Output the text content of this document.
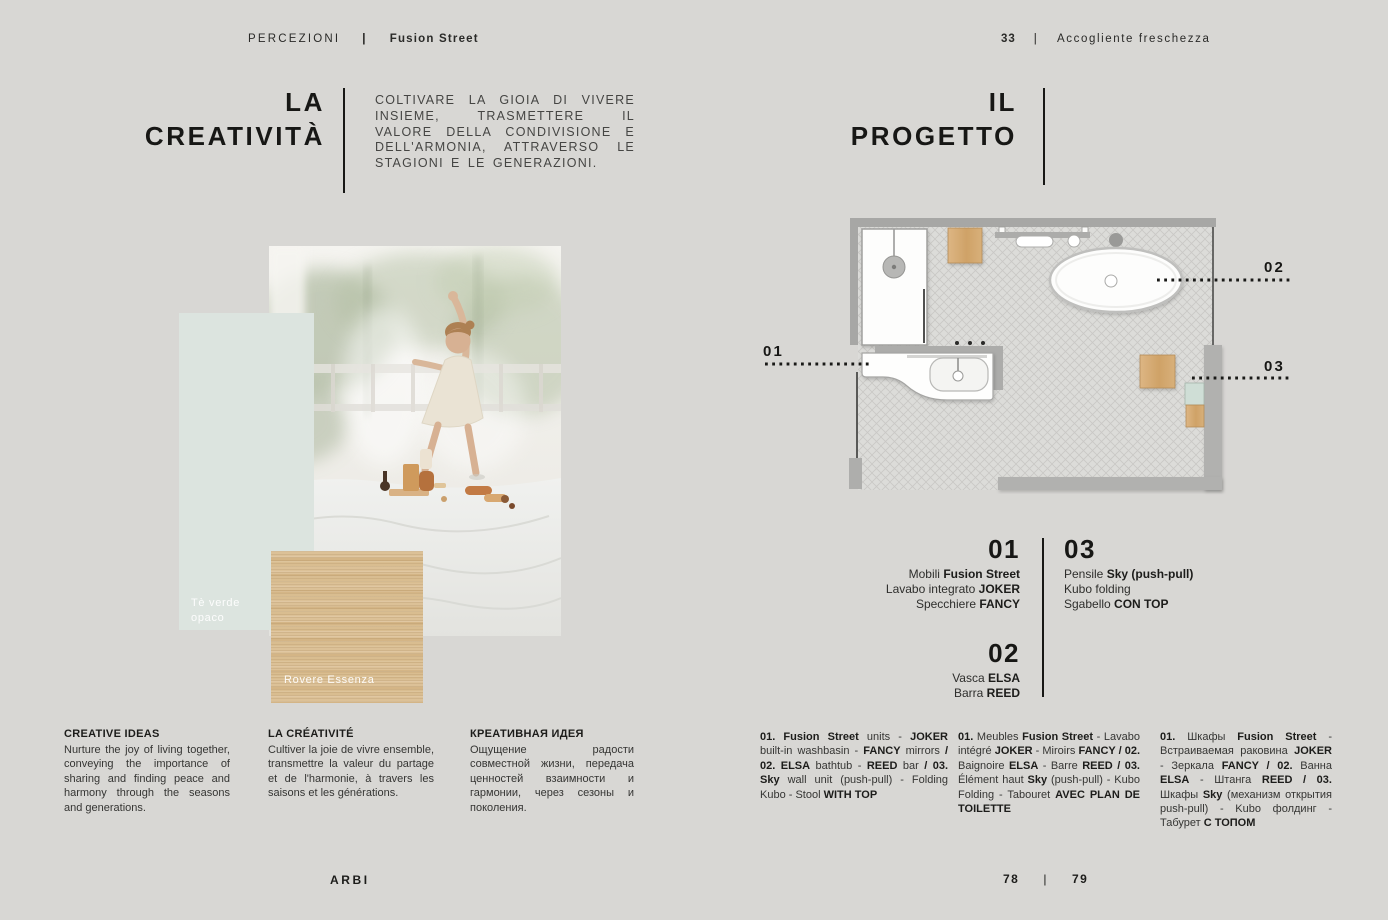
PERCEZIONI | Fusion Street	33 | Accogliente freschezza
LA
CREATIVITÀ
COLTIVARE LA GIOIA DI VIVERE INSIEME, TRASMETTERE IL VALORE DELLA CONDIVISIONE E DELL'ARMONIA, ATTRAVERSO LE STAGIONI E LE GENERAZIONI.
IL
PROGETTO
Tè verde opaco
Rovere Essenza
01
02
03
01
Mobili Fusion Street
Lavabo integrato JOKER
Specchiere FANCY
02
Vasca ELSA
Barra REED
03
Pensile Sky (push-pull)
Kubo folding
Sgabello CON TOP

CREATIVE IDEAS

Nurture the joy of living together, conveying the importance of sharing and finding peace and harmony through the seasons and generations.

LA CRÉATIVITÉ

Cultiver la joie de vivre ensemble, transmettre la valeur du partage et de l'harmonie, à travers les saisons et les générations.

КРЕАТИВНАЯ ИДЕЯ

Ощущение радости совместной жизни, передача ценностей взаимности и гармонии, через сезоны и поколения.

01. Fusion Street units - JOKER built-in washbasin - FANCY mirrors / 02. ELSA bathtub - REED bar / 03. Sky wall unit (push-pull) - Folding Kubo - Stool WITH TOP
01. Meubles Fusion Street - Lavabo intégré JOKER - Miroirs FANCY / 02. Baignoire ELSA - Barre REED / 03. Élément haut Sky (push-pull) - Kubo Folding - Tabouret AVEC PLAN DE TOILETTE
01. Шкафы Fusion Street - Встраиваемая раковина JOKER - Зеркала FANCY / 02. Ванна ELSA - Штанга REED / 03. Шкафы Sky (механизм открытия push-pull) - Kubo фолдинг - Табурет С ТОПОМ
ARBI	78 | 79
